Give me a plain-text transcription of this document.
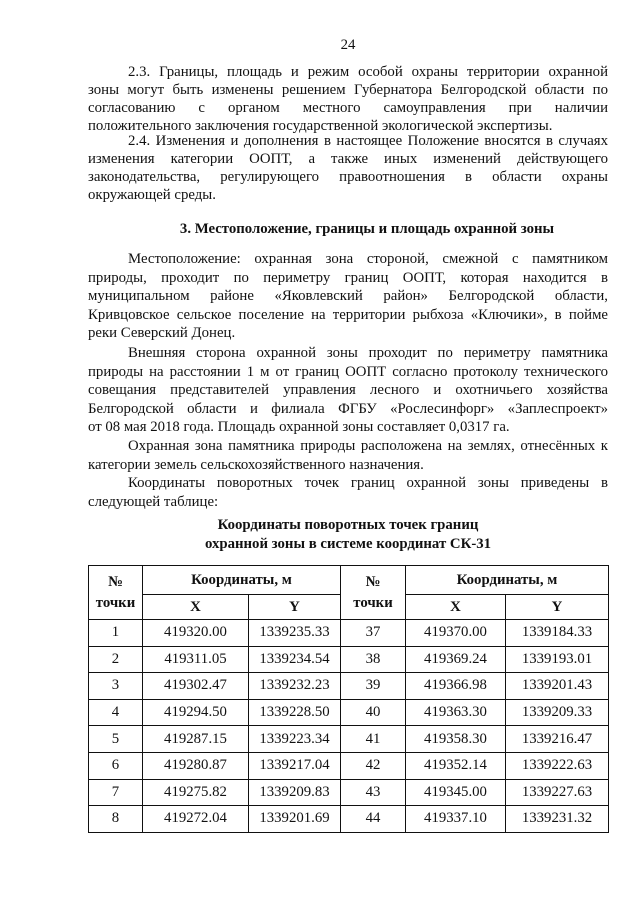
24
2.3. Границы, площадь и режим особой охраны территории охранной
зоны могут быть изменены решением Губернатора Белгородской области по
согласованию с органом местного самоуправления при наличии
положительного заключения государственной экологической экспертизы.
2.4. Изменения и дополнения в настоящее Положение вносятся в случаях
изменения категории ООПТ, а также иных изменений действующего
законодательства, регулирующего правоотношения в области охраны
окружающей среды.
3. Местоположение, границы и площадь охранной зоны
Местоположение: охранная зона стороной, смежной с памятником
природы, проходит по периметру границ ООПТ, которая находится в
муниципальном районе «Яковлевский район» Белгородской области,
Кривцовское сельское поселение на территории рыбхоза «Ключики», в пойме
реки Северский Донец.
Внешняя сторона охранной зоны проходит по периметру памятника
природы на расстоянии 1 м от границ ООПТ согласно протоколу технического
совещания представителей управления лесного и охотничьего хозяйства
Белгородской области и филиала ФГБУ «Рослесинфорг» «Заплеспроект»
от 08 мая 2018 года. Площадь охранной зоны составляет 0,0317 га.
Охранная зона памятника природы расположена на землях, отнесённых к
категории земель сельскохозяйственного назначения.
Координаты поворотных точек границ охранной зоны приведены в
следующей таблице:
Координаты поворотных точек границ
охранной зоны в системе координат СК-31
№
точки	Координаты, м		№
точки	Координаты, м	
	X	Y		X	Y
1	419320.00	1339235.33	37	419370.00	1339184.33
2	419311.05	1339234.54	38	419369.24	1339193.01
3	419302.47	1339232.23	39	419366.98	1339201.43
4	419294.50	1339228.50	40	419363.30	1339209.33
5	419287.15	1339223.34	41	419358.30	1339216.47
6	419280.87	1339217.04	42	419352.14	1339222.63
7	419275.82	1339209.83	43	419345.00	1339227.63
8	419272.04	1339201.69	44	419337.10	1339231.32
